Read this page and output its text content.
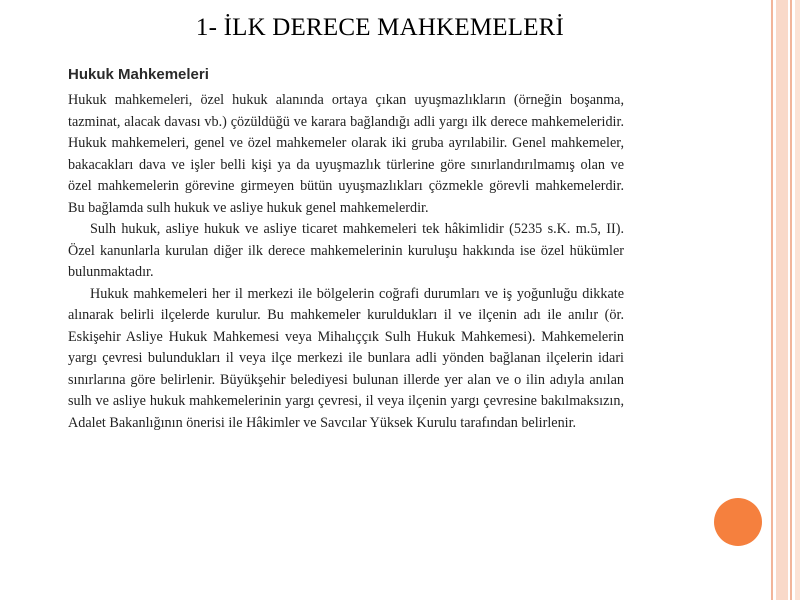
1- İLK DERECE MAHKEMELERİ
Hukuk Mahkemeleri

Hukuk mahkemeleri, özel hukuk alanında ortaya çıkan uyuşmazlıkların (örneğin boşanma, tazminat, alacak davası vb.) çözüldüğü ve karara bağlandığı adli yargı ilk derece mahkemeleridir. Hukuk mahkemeleri, genel ve özel mahkemeler olarak iki gruba ayrılabilir. Genel mahkemeler, bakacakları dava ve işler belli kişi ya da uyuşmazlık türlerine göre sınırlandırılmamış olan ve özel mahkemelerin görevine girmeyen bütün uyuşmazlıkları çözmekle görevli mahkemelerdir. Bu bağlamda sulh hukuk ve asliye hukuk genel mahkemelerdir.

Sulh hukuk, asliye hukuk ve asliye ticaret mahkemeleri tek hâkimlidir (5235 s.K. m.5, II). Özel kanunlarla kurulan diğer ilk derece mahkemelerinin kuruluşu hakkında ise özel hükümler bulunmaktadır.

Hukuk mahkemeleri her il merkezi ile bölgelerin coğrafi durumları ve iş yoğunluğu dikkate alınarak belirli ilçelerde kurulur. Bu mahkemeler kuruldukları il ve ilçenin adı ile anılır (ör. Eskişehir Asliye Hukuk Mahkemesi veya Mihalıççık Sulh Hukuk Mahkemesi). Mahkemelerin yargı çevresi bulundukları il veya ilçe merkezi ile bunlara adli yönden bağlanan ilçelerin idari sınırlarına göre belirlenir. Büyükşehir belediyesi bulunan illerde yer alan ve o ilin adıyla anılan sulh ve asliye hukuk mahkemelerinin yargı çevresi, il veya ilçenin yargı çevresine bakılmaksızın, Adalet Bakanlığının önerisi ile Hâkimler ve Savcılar Yüksek Kurulu tarafından belirlenir.
